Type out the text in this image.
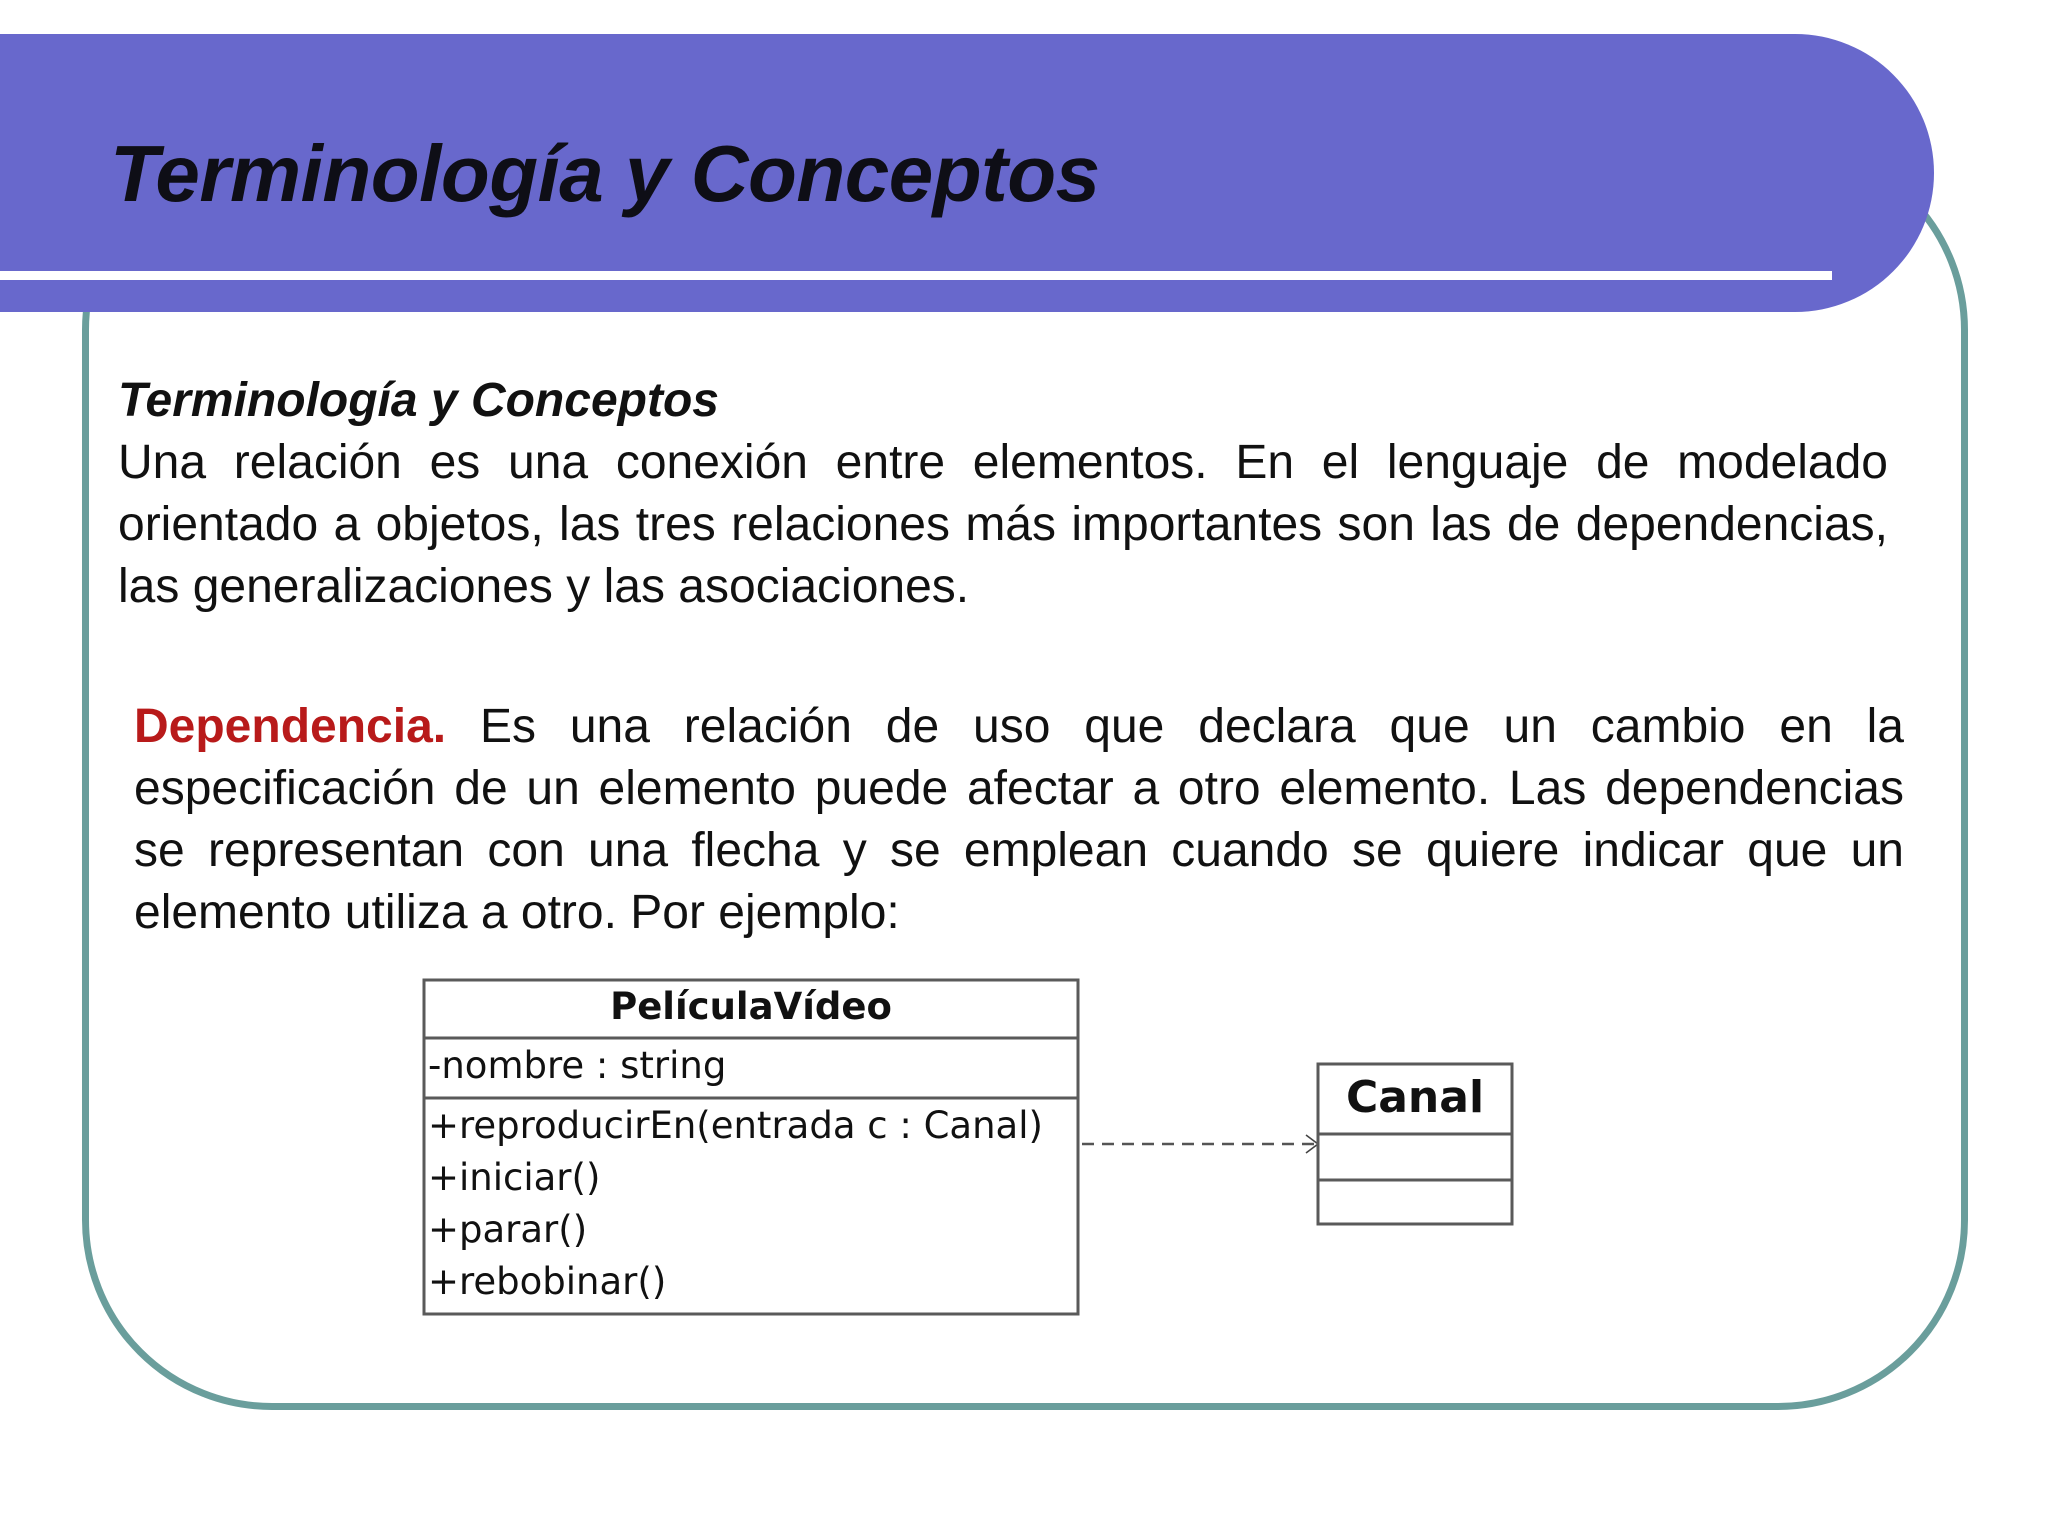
Terminología y Conceptos
Terminología y Conceptos
Una relación es una conexión entre elementos. En el lenguaje de modelado orientado a objetos, las tres relaciones más importantes son las de dependencias, las generalizaciones y las asociaciones.
Dependencia. Es una relación de uso que declara que un cambio en la especificación de un elemento puede afectar a otro elemento. Las dependencias se representan con una flecha y se emplean cuando se quiere indicar que un elemento utiliza a otro. Por ejemplo:
PelículaVídeo
-nombre : string
+reproducirEn(entrada c : Canal)
+iniciar()
+parar()
+rebobinar()
Canal
